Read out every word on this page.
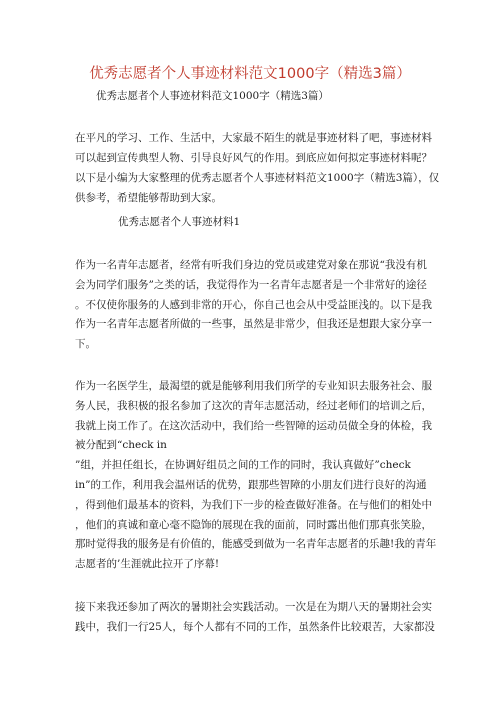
优秀志愿者个人事迹材料范文1000字（精选3篇）
优秀志愿者个人事迹材料范文1000字（精选3篇）
在平凡的学习、工作、生活中，大家最不陌生的就是事迹材料了吧，事迹材料
可以起到宣传典型人物、引导良好风气的作用。到底应如何拟定事迹材料呢？
以下是小编为大家整理的优秀志愿者个人事迹材料范文1000字（精选3篇），仅
供参考，希望能够帮助到大家。
优秀志愿者个人事迹材料1
作为一名青年志愿者，经常有听我们身边的党员或建党对象在那说“我没有机
会为同学们服务”之类的话，我觉得作为一名青年志愿者是一个非常好的途径
。不仅使你服务的人感到非常的开心，你自己也会从中受益匪浅的。以下是我
作为一名青年志愿者所做的一些事，虽然是非常少，但我还是想跟大家分享一
下。
作为一名医学生，最渴望的就是能够利用我们所学的专业知识去服务社会、服
务人民，我积极的报名参加了这次的青年志愿活动，经过老师们的培训之后，
我就上岗工作了。在这次活动中，我们给一些智障的运动员做全身的体检，我
被分配到“check in
”组，并担任组长，在协调好组员之间的工作的同时，我认真做好”check
in”的工作，利用我会温州话的优势，跟那些智障的小朋友们进行良好的沟通
，得到他们最基本的资料，为我们下一步的检查做好准备。在与他们的相处中
，他们的真诚和童心毫不隐饰的展现在我的面前，同时露出他们那真张笑脸，
那时觉得我的服务是有价值的，能感受到做为一名青年志愿者的乐趣!我的青年
志愿者的’生涯就此拉开了序幕!
接下来我还参加了两次的暑期社会实践活动。一次是在为期八天的暑期社会实
践中，我们一行25人，每个人都有不同的工作，虽然条件比较艰苦，大家都没
